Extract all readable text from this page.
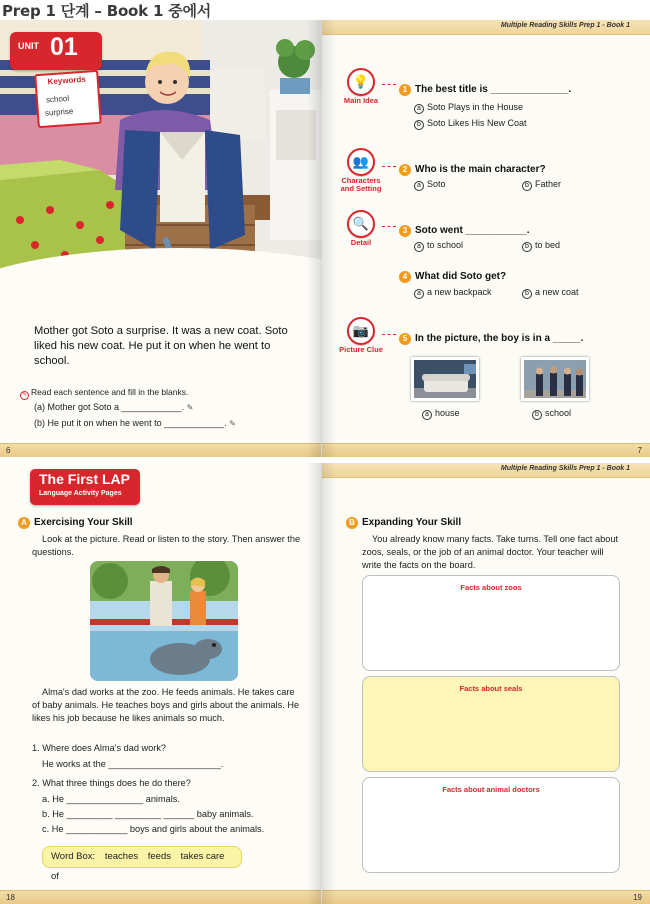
Prep 1 단계 – Book 1 중에서
UNIT 01
Keywords
school
surprise
Mother got Soto a surprise. It was a new coat. Soto liked his new coat. He put it on when he went to school.
✎ Read each sentence and fill in the blanks.
(a) Mother got Soto a ____________. ✎
(b) He put it on when he went to ____________. ✎
6
Multiple Reading Skills Prep 1 - Book 1
💡
Main Idea
👥
Characters and Setting
🔍
Detail
📷
Picture Clue
1 The best title is ______________.
a Soto Plays in the House
b Soto Likes His New Coat
2 Who is the main character?
a Soto	b Father
3 Soto went ___________.
a to school	b to bed
4 What did Soto get?
a a new backpack	b a new coat
5 In the picture, the boy is in a _____.
a house	b school
7
The First LAP
Language Activity Pages
A Exercising Your Skill
Look at the picture. Read or listen to the story. Then answer the questions.
Alma's dad works at the zoo. He feeds animals. He takes care of baby animals. He teaches boys and girls about the animals. He likes his job because he likes animals so much.
1. Where does Alma's dad work?
He works at the ______________________.
2. What three things does he do there?
a. He _______________ animals.
b. He _________ _________ ______ baby animals.
c. He ____________ boys and girls about the animals.
Word Box: teaches feeds takes care of
18
Multiple Reading Skills Prep 1 - Book 1
B Expanding Your Skill
You already know many facts. Take turns. Tell one fact about zoos, seals, or the job of an animal doctor. Your teacher will write the facts on the board.
Facts about zoos
Facts about seals
Facts about animal doctors
19
